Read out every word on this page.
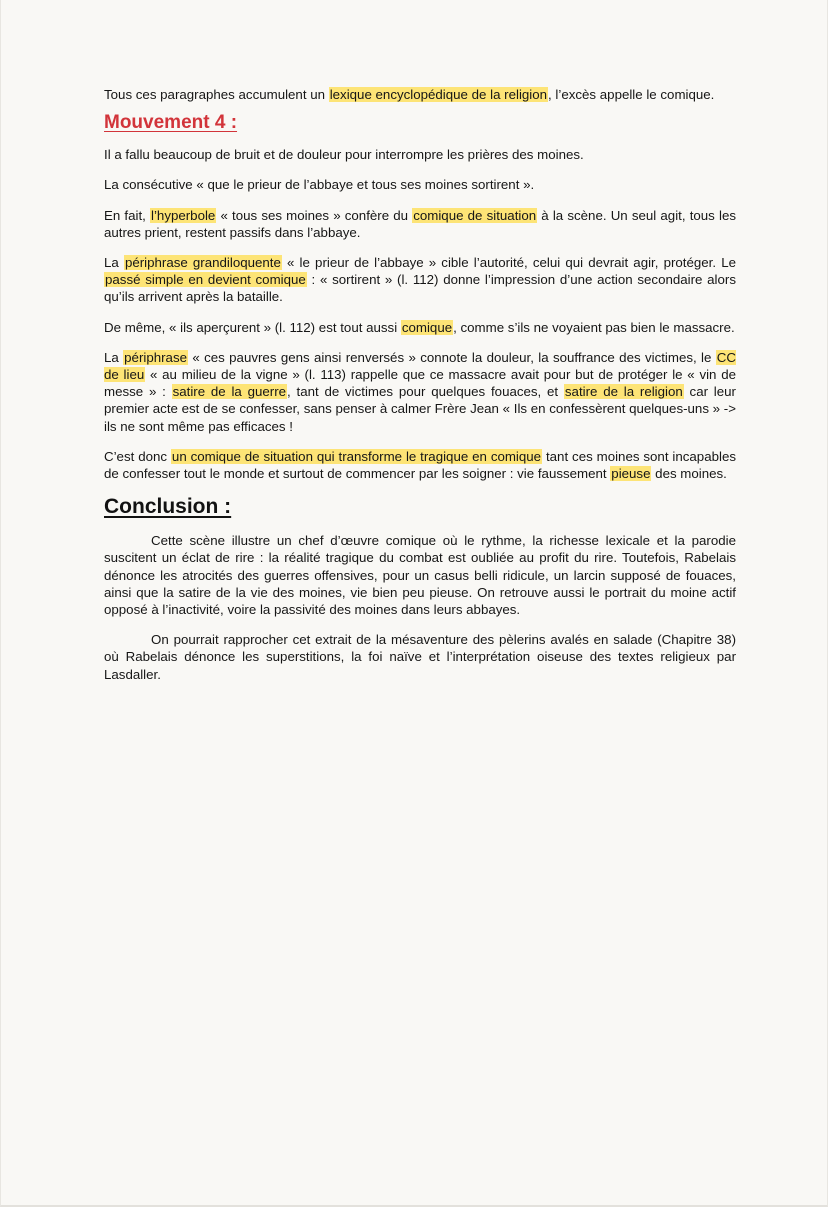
Tous ces paragraphes accumulent un lexique encyclopédique de la religion, l’excès appelle le comique.

Mouvement 4 :

Il a fallu beaucoup de bruit et de douleur pour interrompre les prières des moines.

La consécutive « que le prieur de l’abbaye et tous ses moines sortirent ».

En fait, l’hyperbole « tous ses moines » confère du comique de situation à la scène. Un seul agit, tous les autres prient, restent passifs dans l’abbaye.

La périphrase grandiloquente « le prieur de l’abbaye » cible l’autorité, celui qui devrait agir, protéger. Le passé simple en devient comique : « sortirent » (l. 112) donne l’impression d’une action secondaire alors qu’ils arrivent après la bataille.

De même, « ils aperçurent » (l. 112) est tout aussi comique, comme s’ils ne voyaient pas bien le massacre.

La périphrase « ces pauvres gens ainsi renversés » connote la douleur, la souffrance des victimes, le CC de lieu « au milieu de la vigne » (l. 113) rappelle que ce massacre avait pour but de protéger le « vin de messe » : satire de la guerre, tant de victimes pour quelques fouaces, et satire de la religion car leur premier acte est de se confesser, sans penser à calmer Frère Jean « Ils en confessèrent quelques-uns » -> ils ne sont même pas efficaces !

C’est donc un comique de situation qui transforme le tragique en comique tant ces moines sont incapables de confesser tout le monde et surtout de commencer par les soigner : vie faussement pieuse des moines.

Conclusion :

Cette scène illustre un chef d’œuvre comique où le rythme, la richesse lexicale et la parodie suscitent un éclat de rire : la réalité tragique du combat est oubliée au profit du rire. Toutefois, Rabelais dénonce les atrocités des guerres offensives, pour un casus belli ridicule, un larcin supposé de fouaces, ainsi que la satire de la vie des moines, vie bien peu pieuse. On retrouve aussi le portrait du moine actif opposé à l’inactivité, voire la passivité des moines dans leurs abbayes.

On pourrait rapprocher cet extrait de la mésaventure des pèlerins avalés en salade (Chapitre 38) où Rabelais dénonce les superstitions, la foi naïve et l’interprétation oiseuse des textes religieux par Lasdaller.
